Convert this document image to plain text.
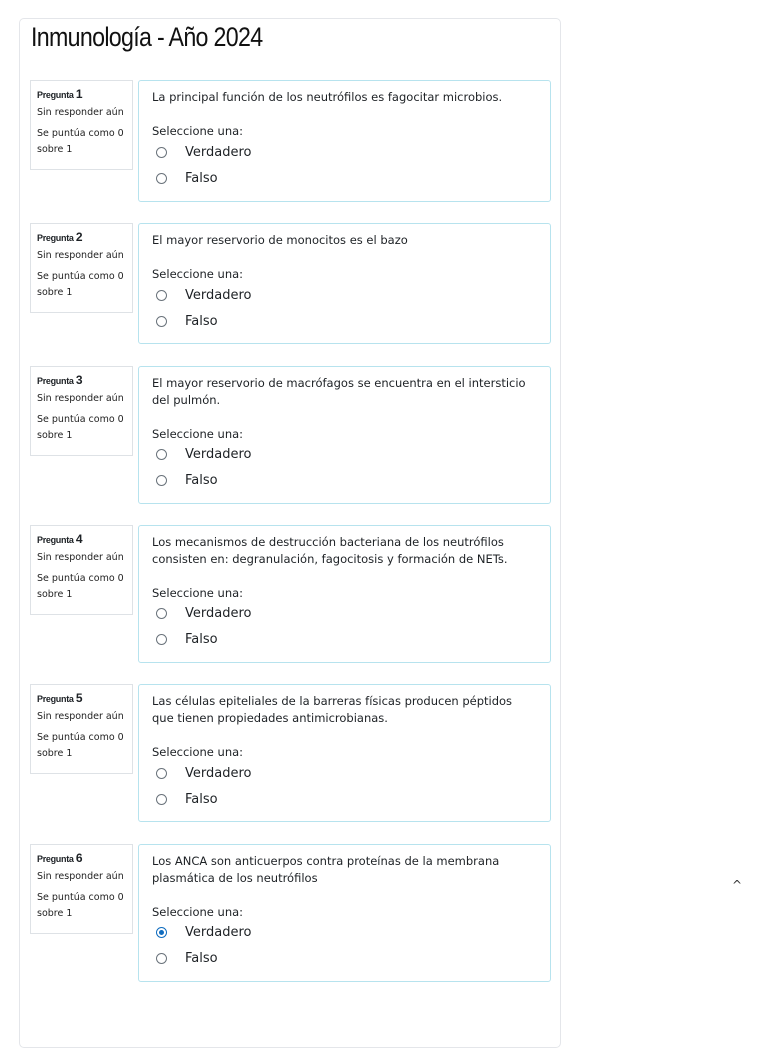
Inmunología - Año 2024
Pregunta 1
Sin responder aún
Se puntúa como 0 sobre 1
La principal función de los neutrófilos es fagocitar microbios.
Seleccione una:
Verdadero
Falso
Pregunta 2
Sin responder aún
Se puntúa como 0 sobre 1
El mayor reservorio de monocitos es el bazo
Seleccione una:
Verdadero
Falso
Pregunta 3
Sin responder aún
Se puntúa como 0 sobre 1
El mayor reservorio de macrófagos se encuentra en el intersticio del pulmón.
Seleccione una:
Verdadero
Falso
Pregunta 4
Sin responder aún
Se puntúa como 0 sobre 1
Los mecanismos de destrucción bacteriana de los neutrófilos consisten en: degranulación, fagocitosis y formación de NETs.
Seleccione una:
Verdadero
Falso
Pregunta 5
Sin responder aún
Se puntúa como 0 sobre 1
Las células epiteliales de la barreras físicas producen péptidos que tienen propiedades antimicrobianas.
Seleccione una:
Verdadero
Falso
Pregunta 6
Sin responder aún
Se puntúa como 0 sobre 1
Los ANCA son anticuerpos contra proteínas de la membrana plasmática de los neutrófilos
Seleccione una:
Verdadero
Falso
^
